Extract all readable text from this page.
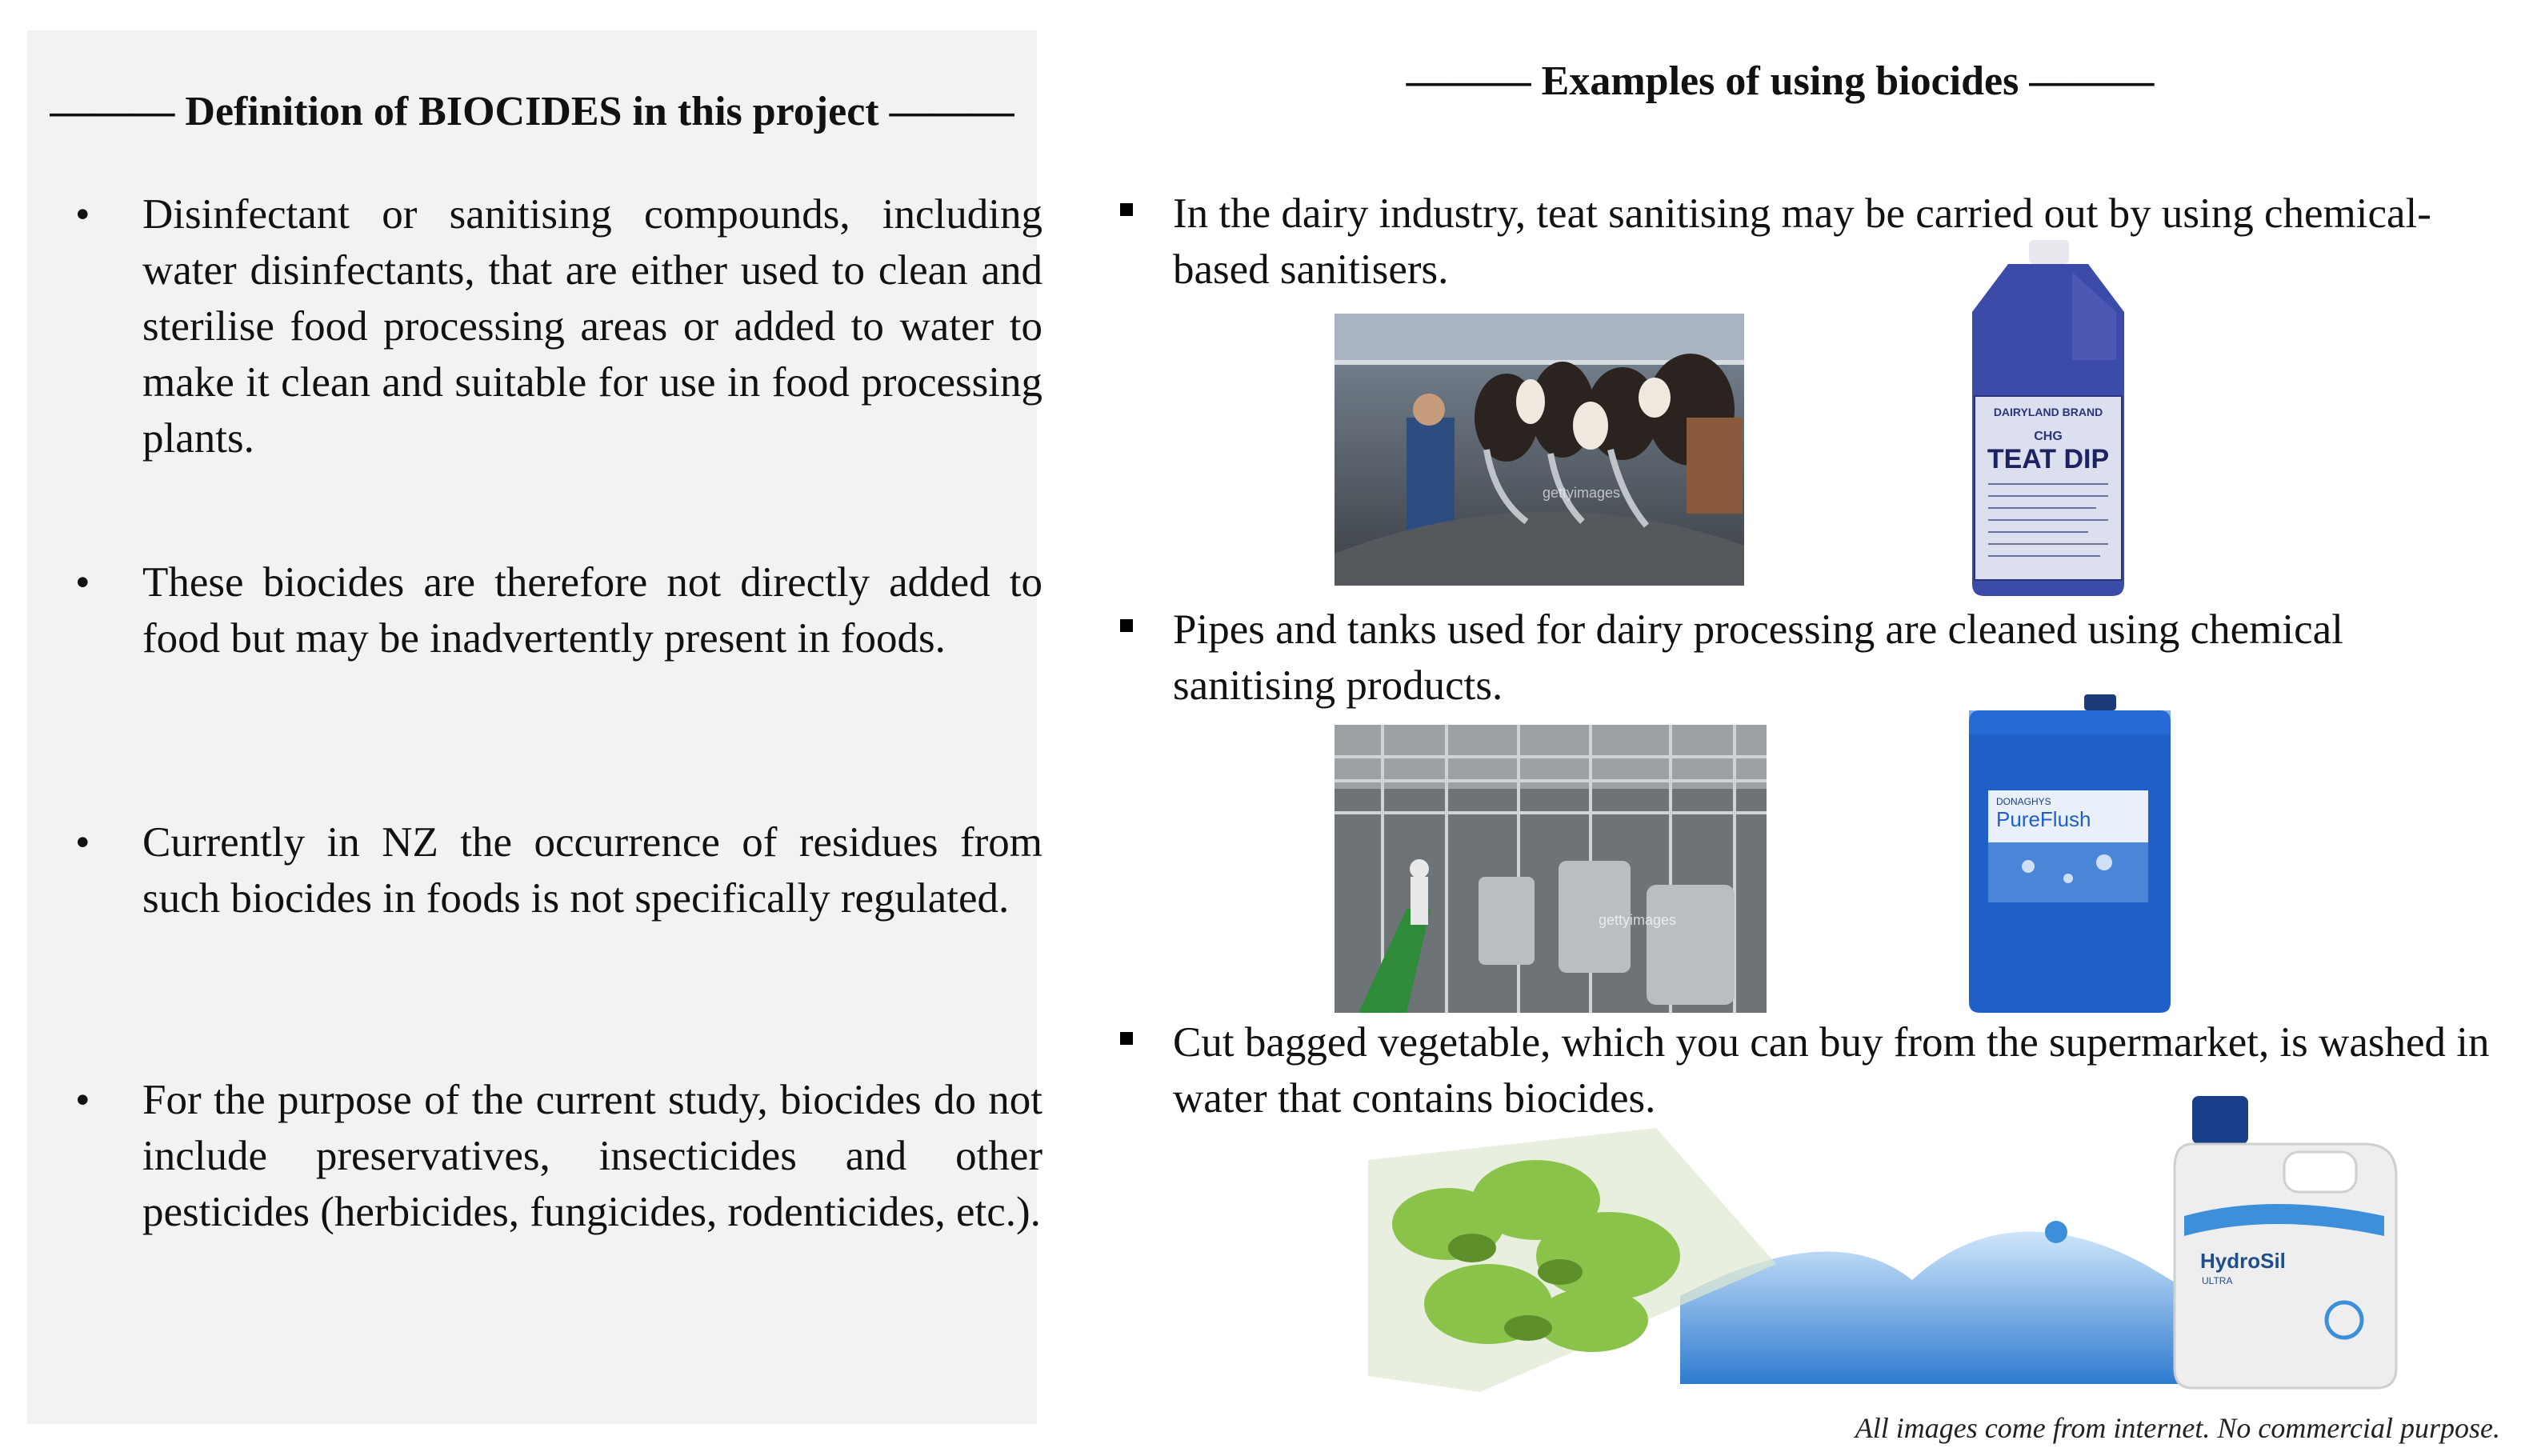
——— Definition of BIOCIDES in this project ———
•	Disinfectant or sanitising compounds, including water disinfectants, that are either used to clean and sterilise food processing areas or added to water to make it clean and suitable for use in food processing plants.
•	These biocides are therefore not directly added to food but may be inadvertently present in foods.
•	Currently in NZ the occurrence of residues from such biocides in foods is not specifically regulated.
•	For the purpose of the current study, biocides do not include preservatives, insecticides and other pesticides (herbicides, fungicides, rodenticides, etc.).
——— Examples of using biocides ———
In the dairy industry, teat sanitising may be carried out by using chemical-based sanitisers.
Pipes and tanks used for dairy processing are cleaned using chemical sanitising products.
Cut bagged vegetable, which you can buy from the supermarket, is washed in water that contains biocides.
gettyimages
DAIRYLAND BRAND
CHG
TEAT DIP
gettyimages
DONAGHYS
PureFlush
HydroSil
ULTRA
All images come from internet. No commercial purpose.
